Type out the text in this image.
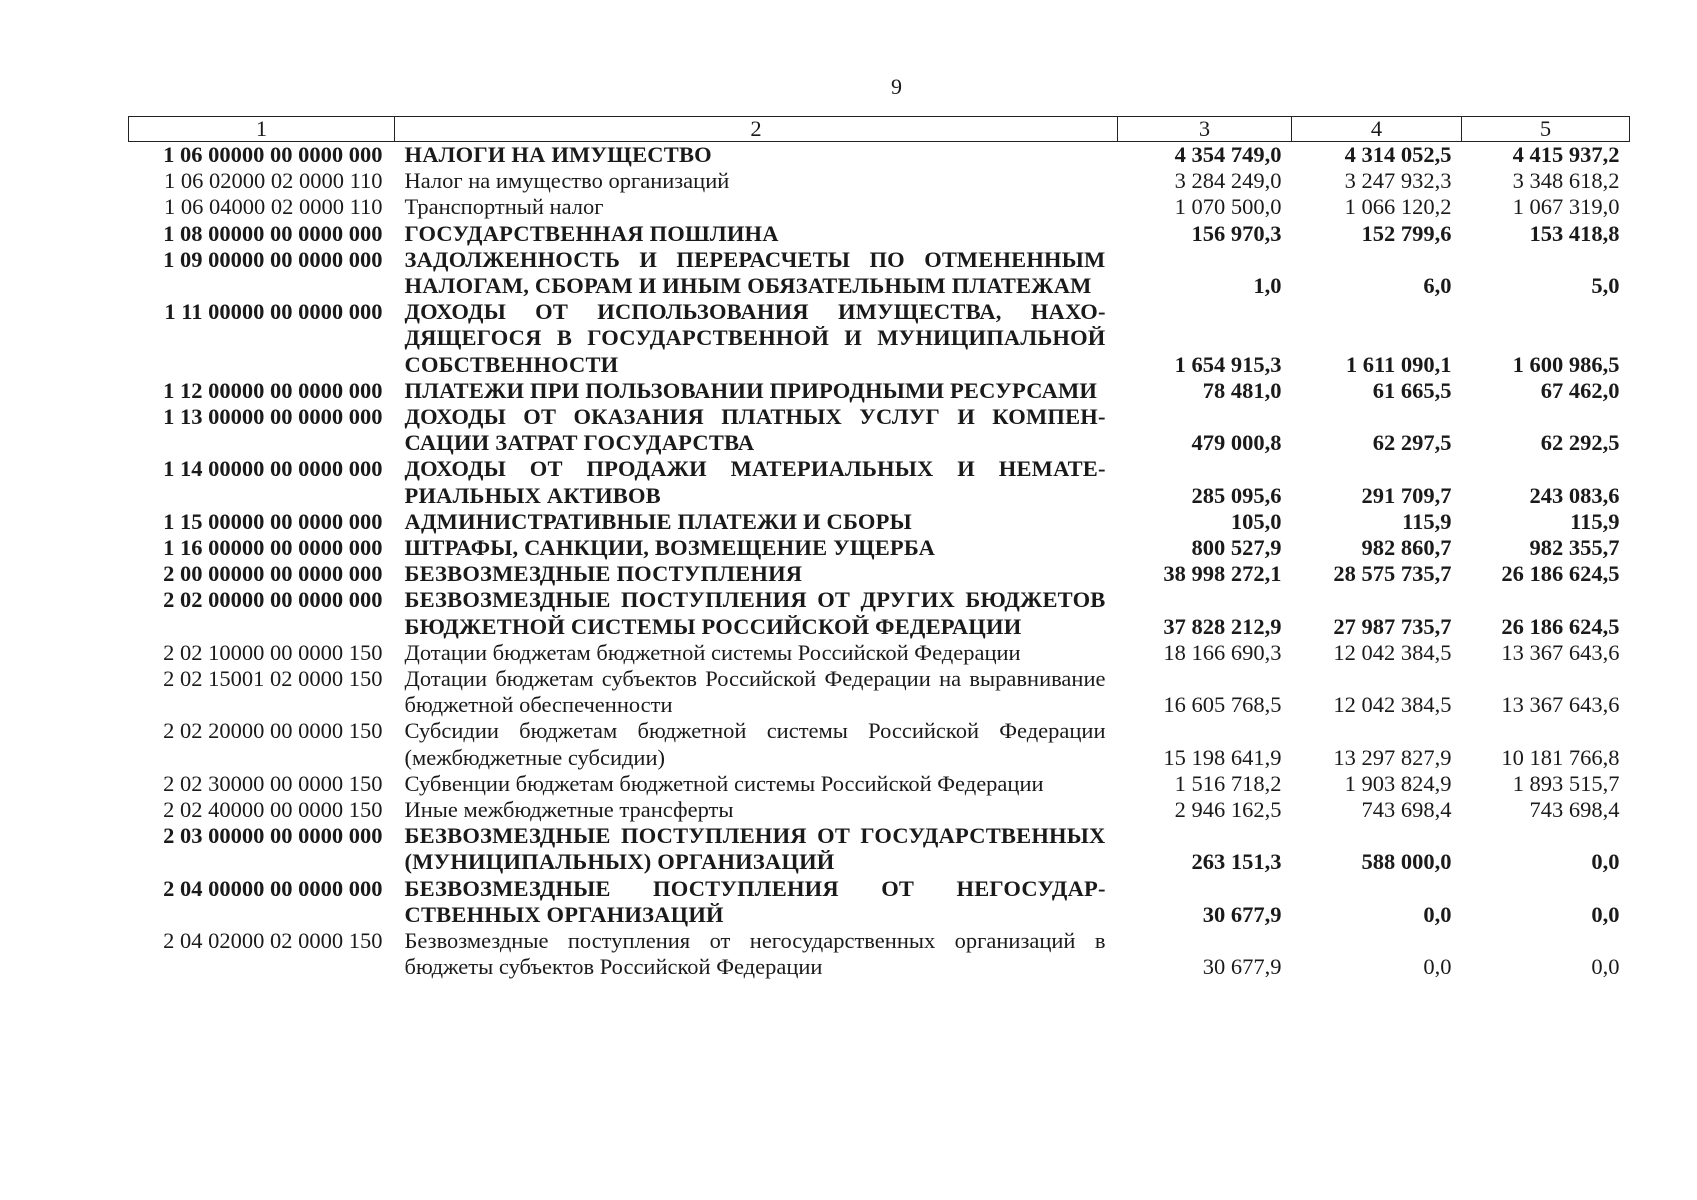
9
1	2	3	4	5
1 06 00000 00 0000 000	НАЛОГИ НА ИМУЩЕСТВО	4 354 749,0	4 314 052,5	4 415 937,2
1 06 02000 02 0000 110	Налог на имущество организаций	3 284 249,0	3 247 932,3	3 348 618,2
1 06 04000 02 0000 110	Транспортный налог	1 070 500,0	1 066 120,2	1 067 319,0
1 08 00000 00 0000 000	ГОСУДАРСТВЕННАЯ ПОШЛИНА	156 970,3	152 799,6	153 418,8
1 09 00000 00 0000 000	ЗАДОЛЖЕННОСТЬ И ПЕРЕРАСЧЕТЫ ПО ОТМЕНЕННЫМ НАЛОГАМ, СБОРАМ И ИНЫМ ОБЯЗАТЕЛЬНЫМ ПЛАТЕЖАМ	1,0	6,0	5,0
1 11 00000 00 0000 000	ДОХОДЫ ОТ ИСПОЛЬЗОВАНИЯ ИМУЩЕСТВА, НАХОДЯЩЕГОСЯ В ГОСУДАРСТВЕННОЙ И МУНИЦИПАЛЬНОЙ СОБСТВЕННОСТИ	1 654 915,3	1 611 090,1	1 600 986,5
1 12 00000 00 0000 000	ПЛАТЕЖИ ПРИ ПОЛЬЗОВАНИИ ПРИРОДНЫМИ РЕСУРСАМИ	78 481,0	61 665,5	67 462,0
1 13 00000 00 0000 000	ДОХОДЫ ОТ ОКАЗАНИЯ ПЛАТНЫХ УСЛУГ И КОМПЕНСАЦИИ ЗАТРАТ ГОСУДАРСТВА	479 000,8	62 297,5	62 292,5
1 14 00000 00 0000 000	ДОХОДЫ ОТ ПРОДАЖИ МАТЕРИАЛЬНЫХ И НЕМАТЕРИАЛЬНЫХ АКТИВОВ	285 095,6	291 709,7	243 083,6
1 15 00000 00 0000 000	АДМИНИСТРАТИВНЫЕ ПЛАТЕЖИ И СБОРЫ	105,0	115,9	115,9
1 16 00000 00 0000 000	ШТРАФЫ, САНКЦИИ, ВОЗМЕЩЕНИЕ УЩЕРБА	800 527,9	982 860,7	982 355,7
2 00 00000 00 0000 000	БЕЗВОЗМЕЗДНЫЕ ПОСТУПЛЕНИЯ	38 998 272,1	28 575 735,7	26 186 624,5
2 02 00000 00 0000 000	БЕЗВОЗМЕЗДНЫЕ ПОСТУПЛЕНИЯ ОТ ДРУГИХ БЮДЖЕТОВ БЮДЖЕТНОЙ СИСТЕМЫ РОССИЙСКОЙ ФЕДЕРАЦИИ	37 828 212,9	27 987 735,7	26 186 624,5
2 02 10000 00 0000 150	Дотации бюджетам бюджетной системы Российской Федерации	18 166 690,3	12 042 384,5	13 367 643,6
2 02 15001 02 0000 150	Дотации бюджетам субъектов Российской Федерации на выравнивание бюджетной обеспеченности	16 605 768,5	12 042 384,5	13 367 643,6
2 02 20000 00 0000 150	Субсидии бюджетам бюджетной системы Российской Федерации (межбюджетные субсидии)	15 198 641,9	13 297 827,9	10 181 766,8
2 02 30000 00 0000 150	Субвенции бюджетам бюджетной системы Российской Федерации	1 516 718,2	1 903 824,9	1 893 515,7
2 02 40000 00 0000 150	Иные межбюджетные трансферты	2 946 162,5	743 698,4	743 698,4
2 03 00000 00 0000 000	БЕЗВОЗМЕЗДНЫЕ ПОСТУПЛЕНИЯ ОТ ГОСУДАРСТВЕННЫХ (МУНИЦИПАЛЬНЫХ) ОРГАНИЗАЦИЙ	263 151,3	588 000,0	0,0
2 04 00000 00 0000 000	БЕЗВОЗМЕЗДНЫЕ ПОСТУПЛЕНИЯ ОТ НЕГОСУДАРСТВЕННЫХ ОРГАНИЗАЦИЙ	30 677,9	0,0	0,0
2 04 02000 02 0000 150	Безвозмездные поступления от негосударственных организаций в бюджеты субъектов Российской Федерации	30 677,9	0,0	0,0
